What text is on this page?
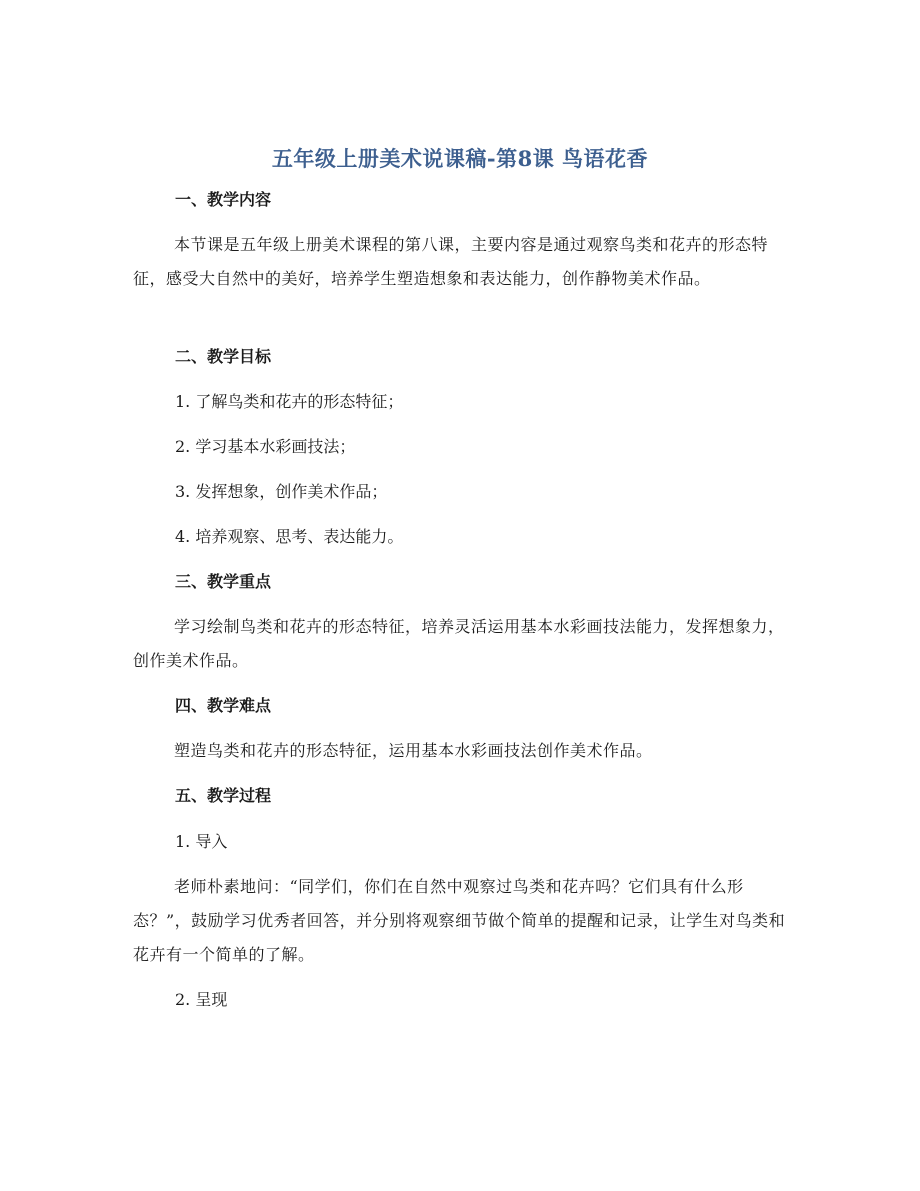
五年级上册美术说课稿-第8课 鸟语花香
一、教学内容
本节课是五年级上册美术课程的第八课，主要内容是通过观察鸟类和花卉的形态特征，感受大自然中的美好，培养学生塑造想象和表达能力，创作静物美术作品。
二、教学目标
1. 了解鸟类和花卉的形态特征；
2. 学习基本水彩画技法；
3. 发挥想象，创作美术作品；
4. 培养观察、思考、表达能力。
三、教学重点
学习绘制鸟类和花卉的形态特征，培养灵活运用基本水彩画技法能力，发挥想象力，创作美术作品。
四、教学难点
塑造鸟类和花卉的形态特征，运用基本水彩画技法创作美术作品。
五、教学过程
1. 导入
老师朴素地问：“同学们，你们在自然中观察过鸟类和花卉吗？它们具有什么形态？”，鼓励学习优秀者回答，并分别将观察细节做个简单的提醒和记录，让学生对鸟类和花卉有一个简单的了解。
2. 呈现
